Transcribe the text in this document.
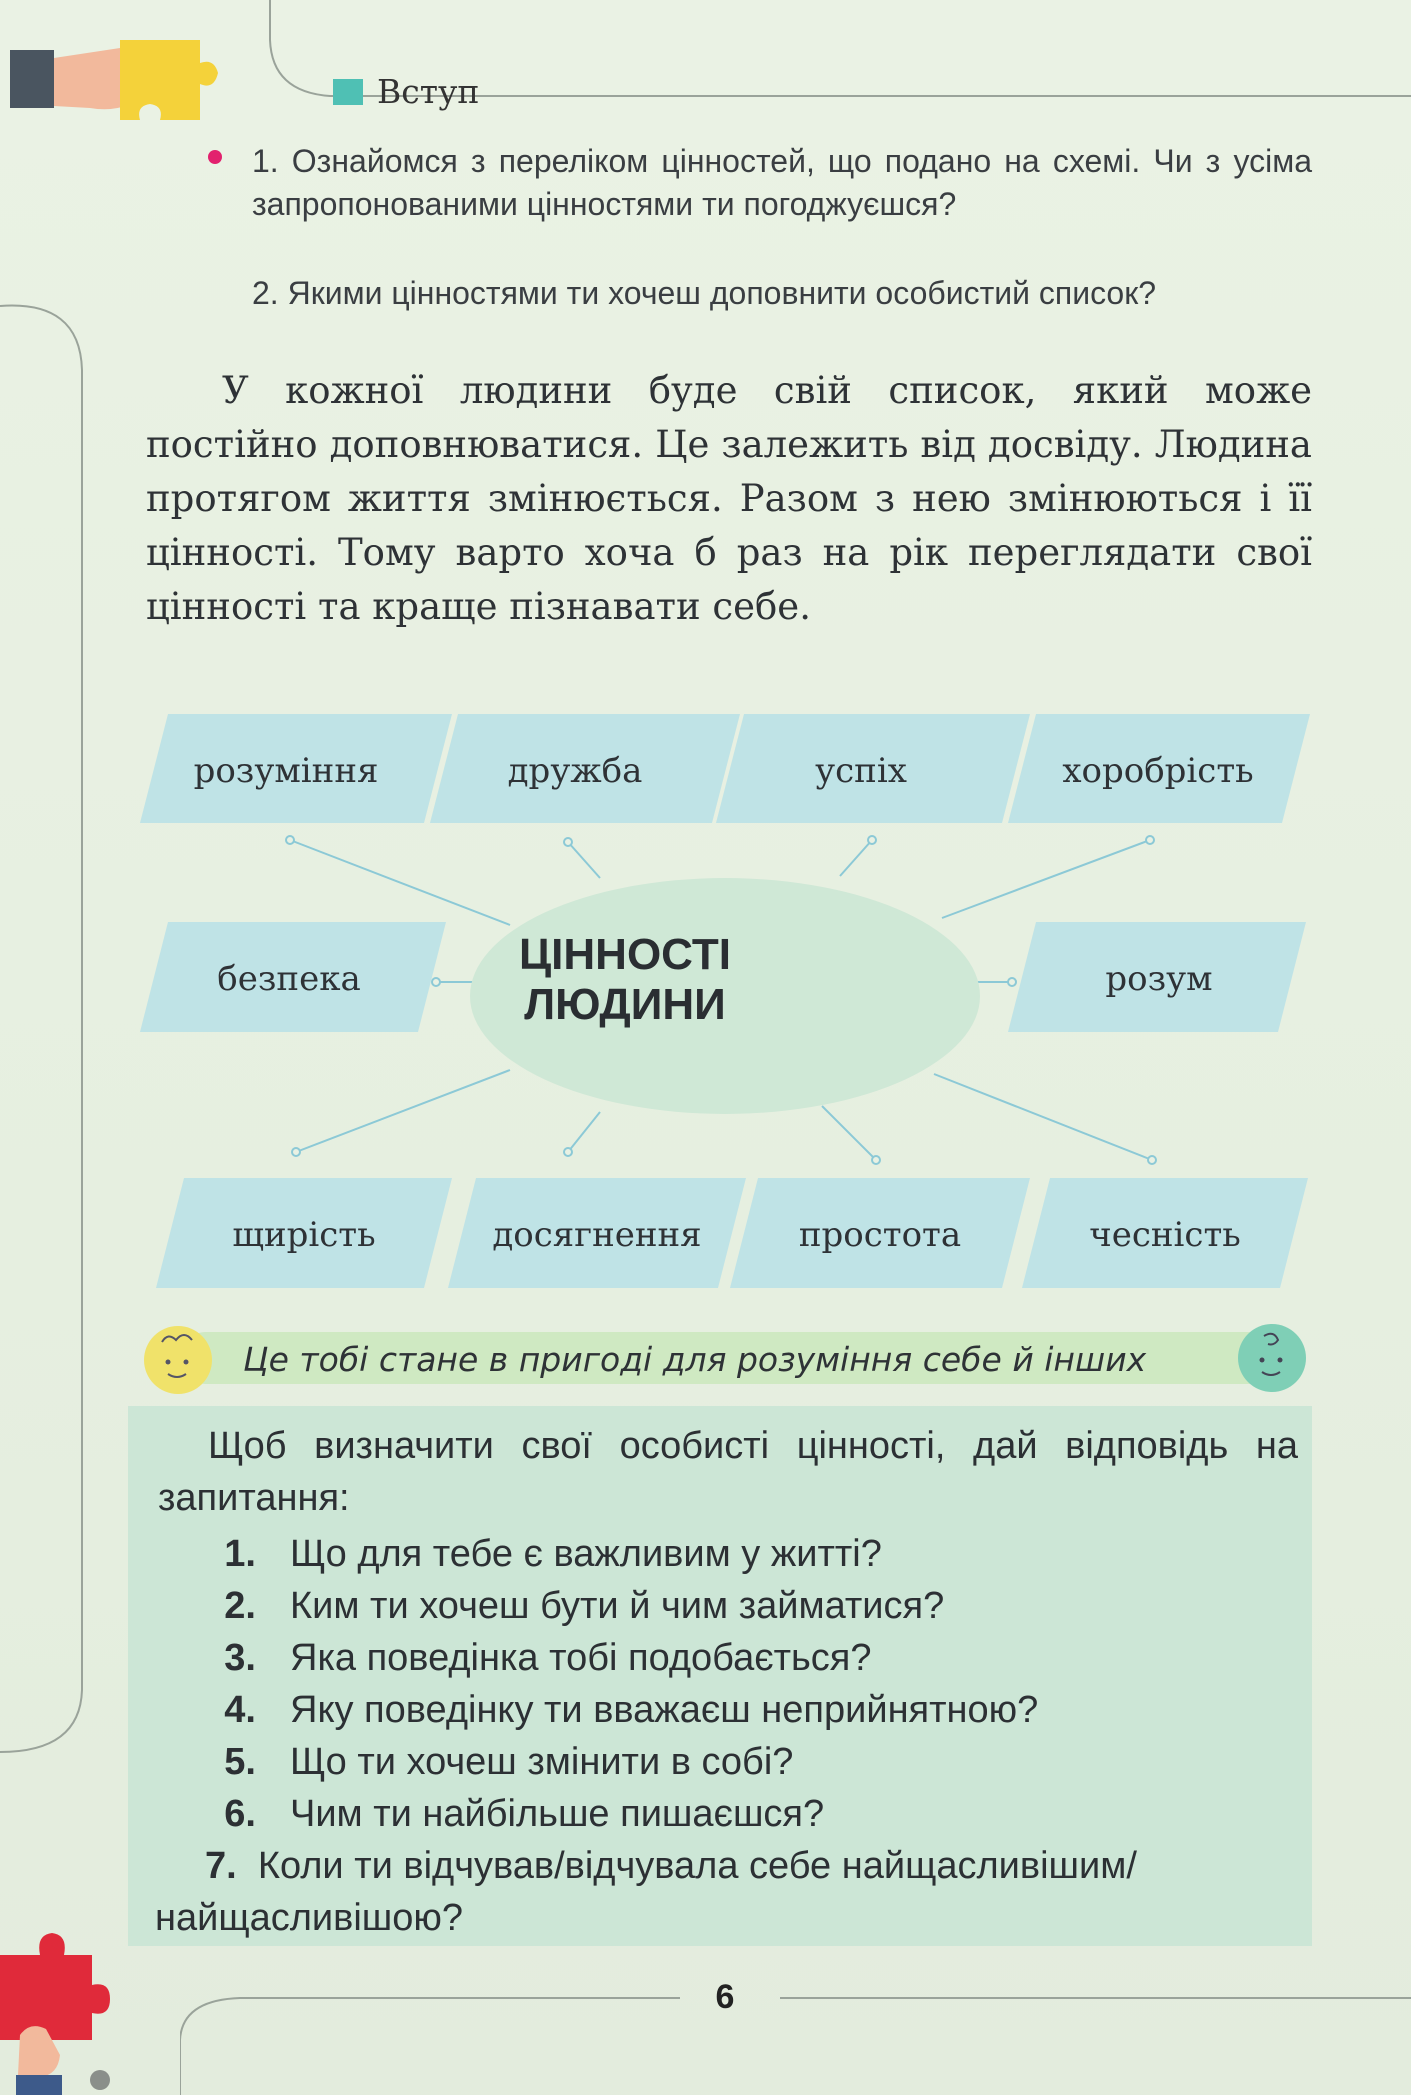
Вступ

1. Ознайомся з переліком цінностей, що подано на схемі. Чи з усіма запропонованими цінностями ти погоджуєшся?

2. Якими цінностями ти хочеш доповнити особистий список?

У кожної людини буде свій список, який може постійно доповнюватися. Це залежить від досвіду. Людина протягом життя змінюється. Разом з нею змінюються і її цінності. Тому варто хоча б раз на рік переглядати свої цінності та краще пізнавати себе.

розуміння	дружба	успіх	хоробрість
безпека	розум
щирість	досягнення	простота	чесність
ЦІННОСТІ
ЛЮДИНИ
Це тобі стане в пригоді для розуміння себе й інших

Щоб визначити свої особисті цінності, дай відповідь на запитання:

1. Що для тебе є важливим у житті?
2. Ким ти хочеш бути й чим займатися?
3. Яка поведінка тобі подобається?
4. Яку поведінку ти вважаєш неприйнятною?
5. Що ти хочеш змінити в собі?
6. Чим ти найбільше пишаєшся?

7. Коли ти відчував/відчувала себе найщасливішим/найщасливішою?

6
